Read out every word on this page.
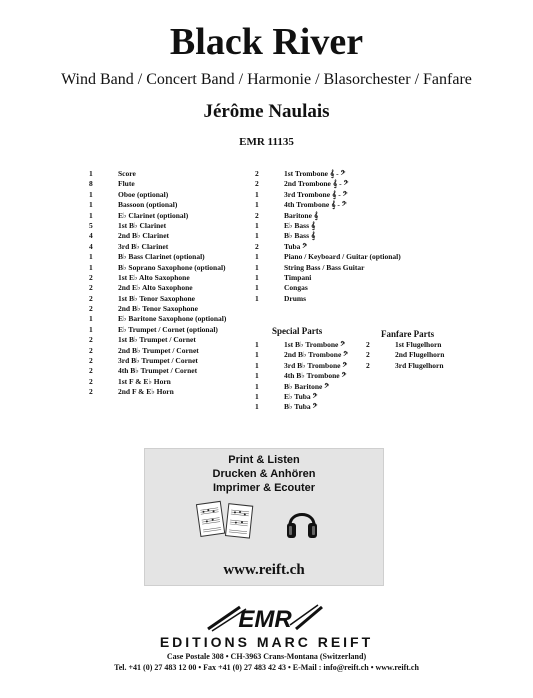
Black River
Wind Band / Concert Band / Harmonie / Blasorchester / Fanfare
Jérôme Naulais
EMR 11135
1	Score
8	Flute
1	Oboe (optional)
1	Bassoon (optional)
1	E♭ Clarinet (optional)
5	1st B♭ Clarinet
4	2nd B♭ Clarinet
4	3rd B♭ Clarinet
1	B♭ Bass Clarinet (optional)
1	B♭ Soprano Saxophone (optional)
2	1st E♭ Alto Saxophone
2	2nd E♭ Alto Saxophone
2	1st B♭ Tenor Saxophone
2	2nd B♭ Tenor Saxophone
1	E♭ Baritone Saxophone (optional)
1	E♭ Trumpet / Cornet (optional)
2	1st B♭ Trumpet / Cornet
2	2nd B♭ Trumpet / Cornet
2	3rd B♭ Trumpet / Cornet
2	4th B♭ Trumpet / Cornet
2	1st F & E♭ Horn
2	2nd F & E♭ Horn
2	1st Trombone 𝄞 - 𝄢
2	2nd Trombone 𝄞 - 𝄢
1	3rd Trombone 𝄞 - 𝄢
1	4th Trombone 𝄞 - 𝄢
2	Baritone 𝄞
1	E♭ Bass 𝄞
1	B♭ Bass 𝄞
2	Tuba 𝄢
1	Piano / Keyboard / Guitar (optional)
1	String Bass / Bass Guitar
1	Timpani
1	Congas
1	Drums
Special Parts	Fanfare Parts
1	1st B♭ Trombone 𝄢
1	2nd B♭ Trombone 𝄢
1	3rd B♭ Trombone 𝄢
1	4th B♭ Trombone 𝄢
1	B♭ Baritone 𝄢
1	E♭ Tuba 𝄢
1	B♭ Tuba 𝄢
2	1st Flugelhorn
2	2nd Flugelhorn
2	3rd Flugelhorn
Print & Listen
Drucken & Anhören
Imprimer & Ecouter
www.reift.ch
EMR
EDITIONS MARC REIFT
Case Postale 308 • CH-3963 Crans-Montana (Switzerland)
Tel. +41 (0) 27 483 12 00 • Fax +41 (0) 27 483 42 43 • E-Mail : info@reift.ch • www.reift.ch
